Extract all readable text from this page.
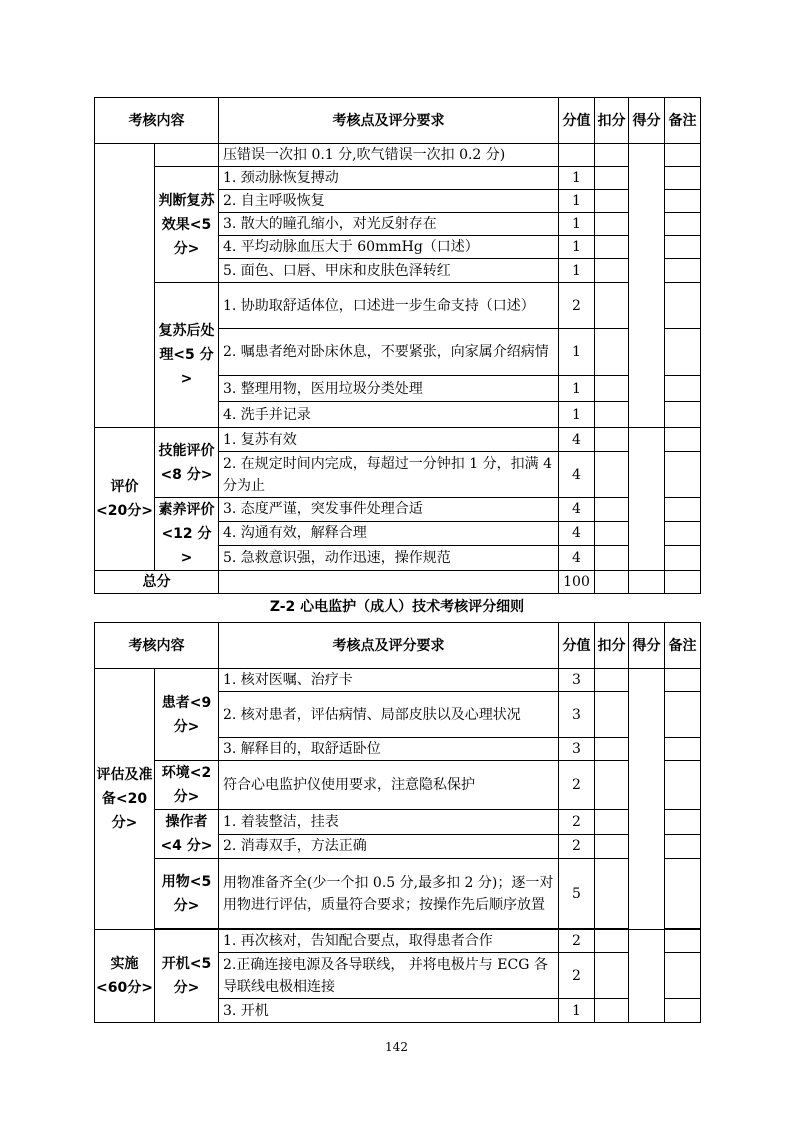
考核内容		考核点及评分要求	分值	扣分	得分	备注
		压错误一次扣 0.1 分,吹气错误一次扣 0.2 分)				
	判断复苏效果<5 分>	1. 颈动脉恢复搏动	1			
		2. 自主呼吸恢复	1			
		3. 散大的瞳孔缩小，对光反射存在	1			
		4. 平均动脉血压大于 60mmHg（口述）	1			
		5. 面色、口唇、甲床和皮肤色泽转红	1			
	复苏后处理<5 分>	1. 协助取舒适体位，口述进一步生命支持（口述）	2			
		2. 嘱患者绝对卧床休息，不要紧张，向家属介绍病情	1			
		3. 整理用物，医用垃圾分类处理	1			
		4. 洗手并记录	1			
评价<20分>	技能评价<8 分>	1. 复苏有效	4			
		2. 在规定时间内完成，每超过一分钟扣 1 分，扣满 4 分为止	4			
	素养评价<12 分>	3. 态度严谨，突发事件处理合适	4			
		4. 沟通有效，解释合理	4			
		5. 急救意识强，动作迅速，操作规范	4			
总分			100			
Z-2 心电监护（成人）技术考核评分细则
考核内容		考核点及评分要求	分值	扣分	得分	备注
评估及准备<20分>	患者<9 分>	1. 核对医嘱、治疗卡	3			
		2. 核对患者，评估病情、局部皮肤以及心理状况	3			
		3. 解释目的，取舒适卧位	3			
	环境<2 分>	符合心电监护仪使用要求，注意隐私保护	2			
	操作者<4 分>	1. 着装整洁，挂表	2			
		2. 消毒双手，方法正确	2			
	用物<5 分>	用物准备齐全(少一个扣 0.5 分,最多扣 2 分)；逐一对用物进行评估，质量符合要求；按操作先后顺序放置	5			

实施<60分>	开机<5 分>	1. 再次核对，告知配合要点，取得患者合作	2			
		2.正确连接电源及各导联线， 并将电极片与 ECG 各导联线电极相连接	2			
		3. 开机	1			
142
